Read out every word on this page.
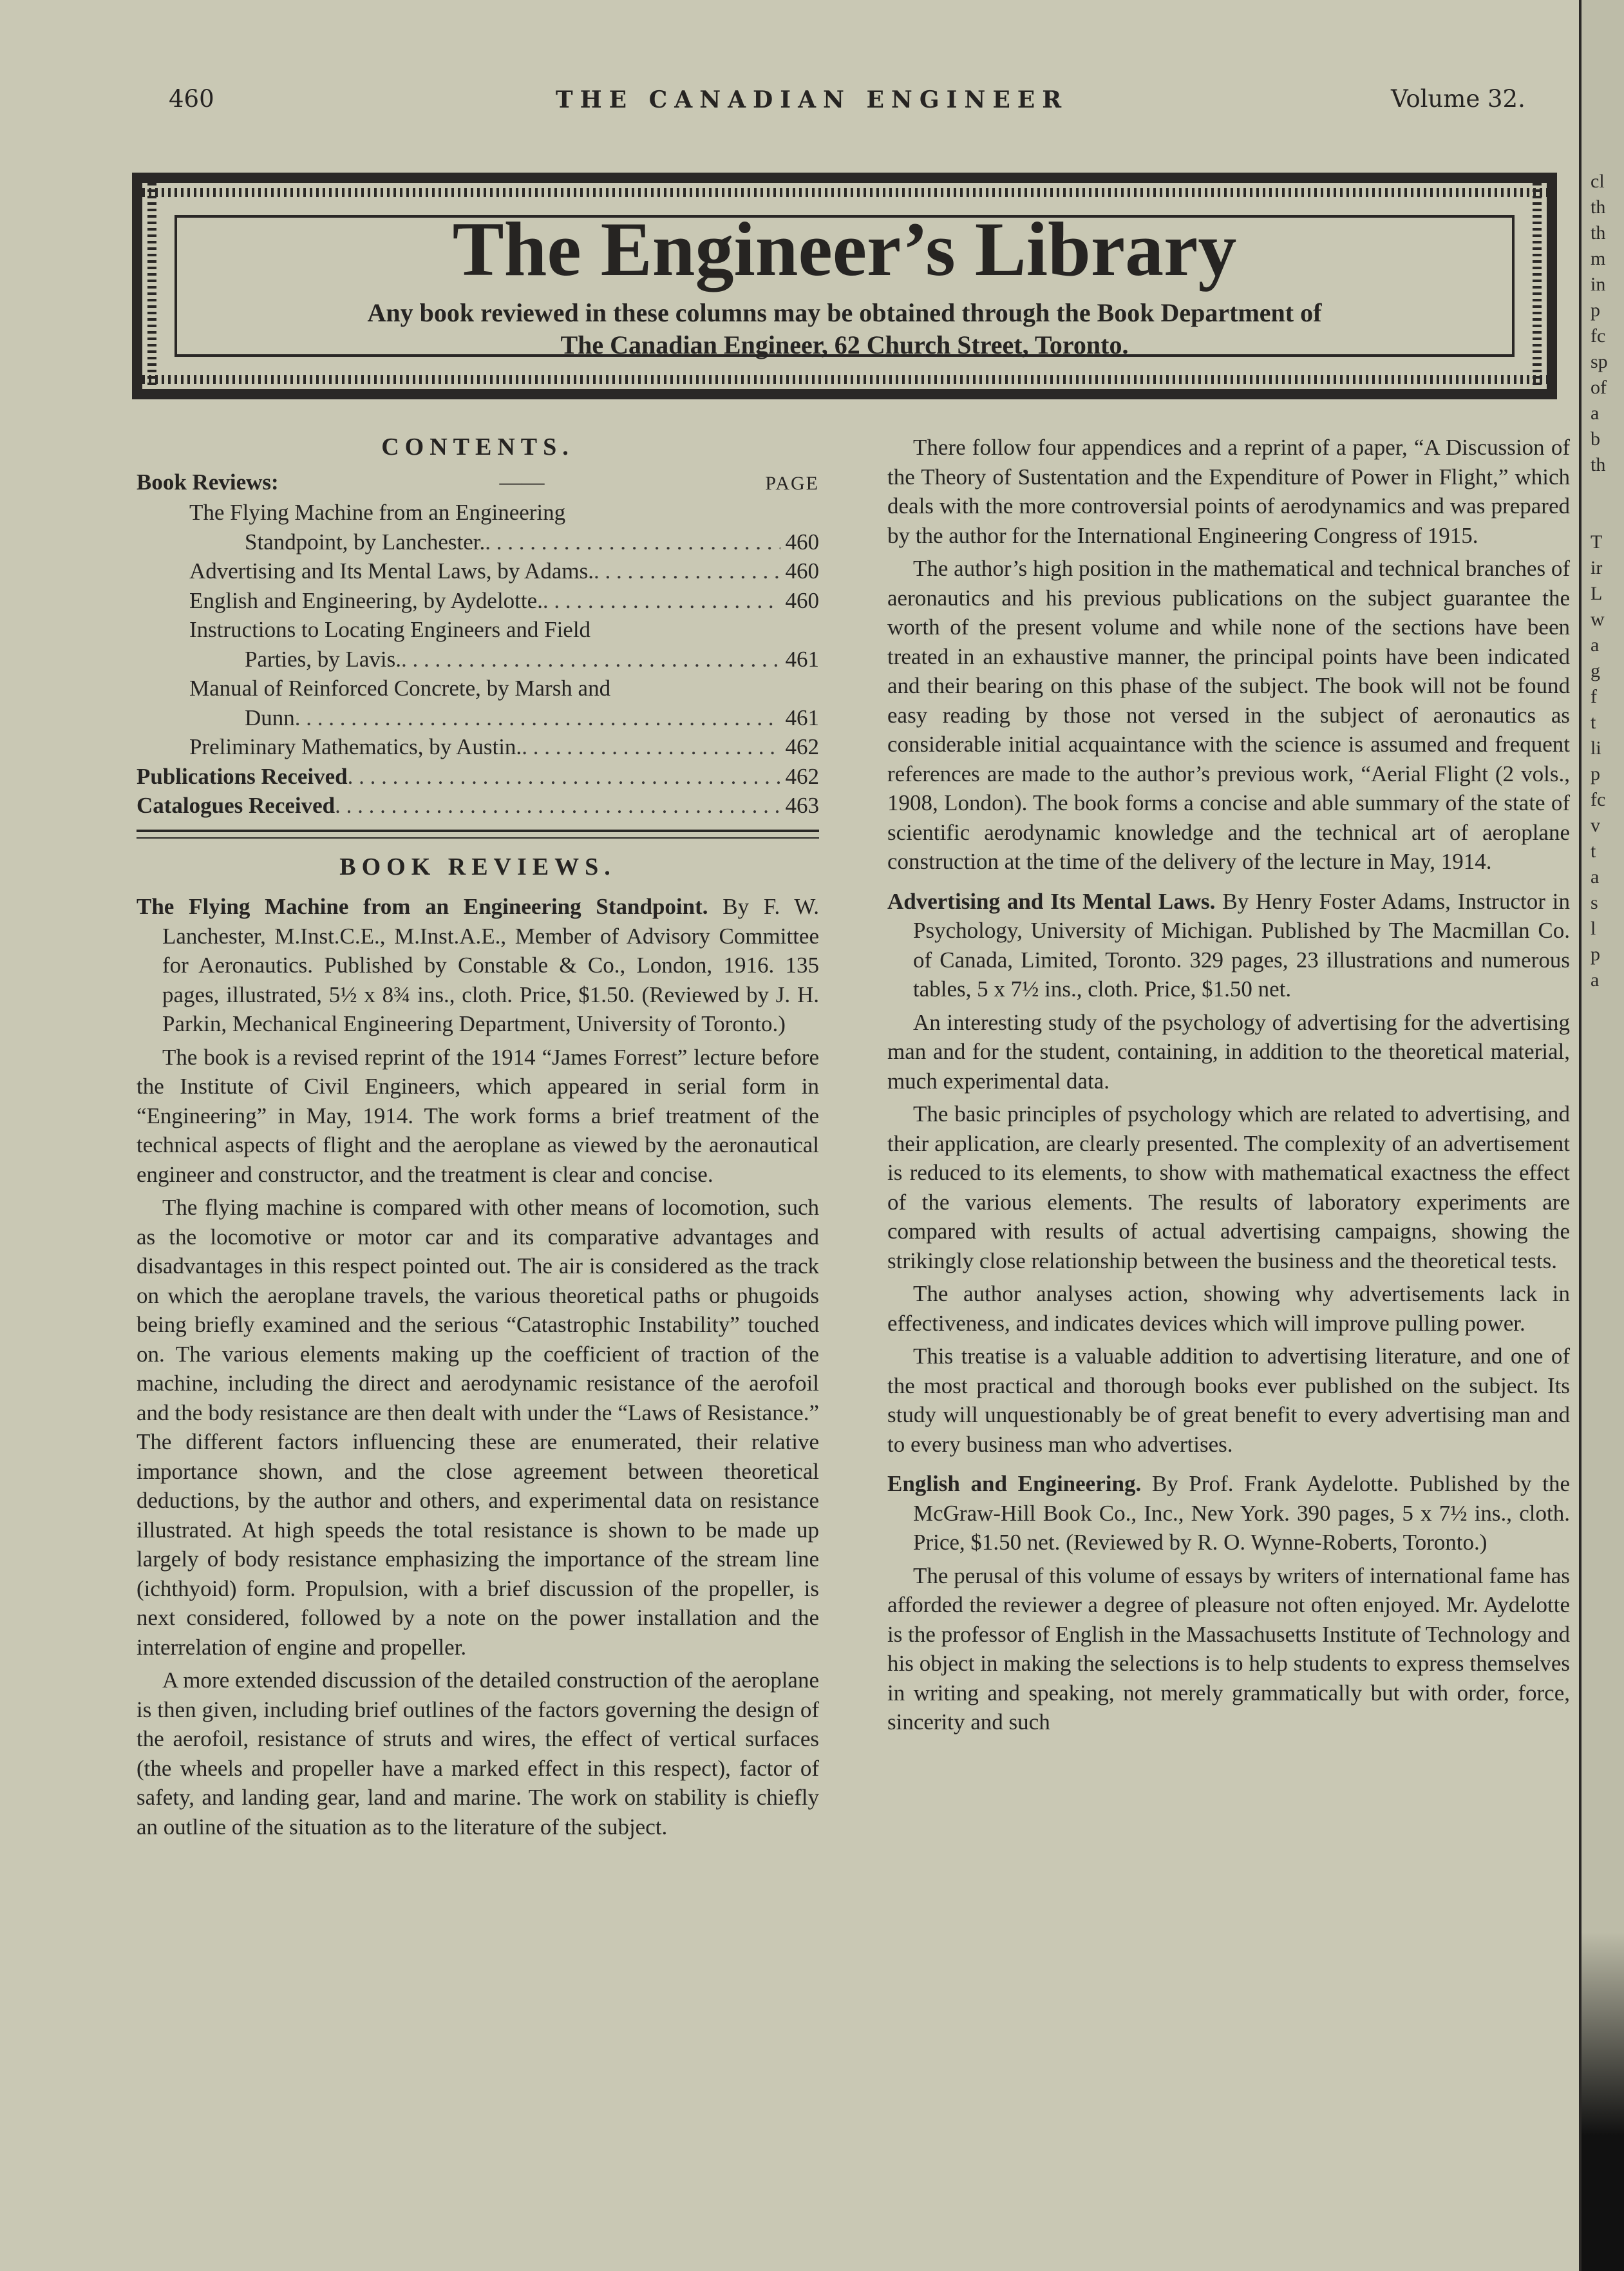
460	THE CANADIAN ENGINEER	Volume 32.
The Engineer’s Library
Any book reviewed in these columns may be obtained through the Book Department of
The Canadian Engineer, 62 Church Street, Toronto.
CONTENTS.
Book Reviews:	——	PAGE
The Flying Machine from an Engineering
Standpoint, by Lanchester. . . .	460
Advertising and Its Mental Laws, by Adams. . . .	460
English and Engineering, by Aydelotte. . . .	460
Instructions to Locating Engineers and Field
Parties, by Lavis. . . .	461
Manual of Reinforced Concrete, by Marsh and
Dunn . . .	461
Preliminary Mathematics, by Austin. . . .	462
Publications Received . . .	462
Catalogues Received . . .	463
BOOK REVIEWS.
The Flying Machine from an Engineering Standpoint. By F. W. Lanchester, M.Inst.C.E., M.Inst.A.E., Member of Advisory Committee for Aeronautics. Published by Constable & Co., London, 1916. 135 pages, illustrated, 5½ x 8¾ ins., cloth. Price, $1.50. (Reviewed by J. H. Parkin, Mechanical Engineering Department, University of Toronto.)

The book is a revised reprint of the 1914 “James Forrest” lecture before the Institute of Civil Engineers, which appeared in serial form in “Engineering” in May, 1914. The work forms a brief treatment of the technical aspects of flight and the aeroplane as viewed by the aeronautical engineer and constructor, and the treatment is clear and concise.

The flying machine is compared with other means of locomotion, such as the locomotive or motor car and its comparative advantages and disadvantages in this respect pointed out. The air is considered as the track on which the aeroplane travels, the various theoretical paths or phugoids being briefly examined and the serious “Catastrophic Instability” touched on. The various elements making up the coefficient of traction of the machine, including the direct and aerodynamic resistance of the aerofoil and the body resistance are then dealt with under the “Laws of Resistance.” The different factors influencing these are enumerated, their relative importance shown, and the close agreement between theoretical deductions, by the author and others, and experimental data on resistance illustrated. At high speeds the total resistance is shown to be made up largely of body resistance emphasizing the importance of the stream line (ichthyoid) form. Propulsion, with a brief discussion of the propeller, is next considered, followed by a note on the power installation and the interrelation of engine and propeller.

A more extended discussion of the detailed construction of the aeroplane is then given, including brief outlines of the factors governing the design of the aerofoil, resistance of struts and wires, the effect of vertical surfaces (the wheels and propeller have a marked effect in this respect), factor of safety, and landing gear, land and marine. The work on stability is chiefly an outline of the situation as to the literature of the subject.

There follow four appendices and a reprint of a paper, “A Discussion of the Theory of Sustentation and the Expenditure of Power in Flight,” which deals with the more controversial points of aerodynamics and was prepared by the author for the International Engineering Congress of 1915.

The author’s high position in the mathematical and technical branches of aeronautics and his previous publications on the subject guarantee the worth of the present volume and while none of the sections have been treated in an exhaustive manner, the principal points have been indicated and their bearing on this phase of the subject. The book will not be found easy reading by those not versed in the subject of aeronautics as considerable initial acquaintance with the science is assumed and frequent references are made to the author’s previous work, “Aerial Flight (2 vols., 1908, London). The book forms a concise and able summary of the state of scientific aerodynamic knowledge and the technical art of aeroplane construction at the time of the delivery of the lecture in May, 1914.

Advertising and Its Mental Laws. By Henry Foster Adams, Instructor in Psychology, University of Michigan. Published by The Macmillan Co. of Canada, Limited, Toronto. 329 pages, 23 illustrations and numerous tables, 5 x 7½ ins., cloth. Price, $1.50 net.

An interesting study of the psychology of advertising for the advertising man and for the student, containing, in addition to the theoretical material, much experimental data.

The basic principles of psychology which are related to advertising, and their application, are clearly presented. The complexity of an advertisement is reduced to its elements, to show with mathematical exactness the effect of the various elements. The results of laboratory experiments are compared with results of actual advertising campaigns, showing the strikingly close relationship between the business and the theoretical tests.

The author analyses action, showing why advertisements lack in effectiveness, and indicates devices which will improve pulling power.

This treatise is a valuable addition to advertising literature, and one of the most practical and thorough books ever published on the subject. Its study will unquestionably be of great benefit to every advertising man and to every business man who advertises.

English and Engineering. By Prof. Frank Aydelotte. Published by the McGraw-Hill Book Co., Inc., New York. 390 pages, 5 x 7½ ins., cloth. Price, $1.50 net. (Reviewed by R. O. Wynne-Roberts, Toronto.)

The perusal of this volume of essays by writers of international fame has afforded the reviewer a degree of pleasure not often enjoyed. Mr. Aydelotte is the professor of English in the Massachusetts Institute of Technology and his object in making the selections is to help students to express themselves in writing and speaking, not merely grammatically but with order, force, sincerity and such

cl
th
th
m
in
p
fc
sp
of
a
b
th
T
ir
L
w
a
g
f
t
li
p
fc
v
t
a
s
l
p
a
